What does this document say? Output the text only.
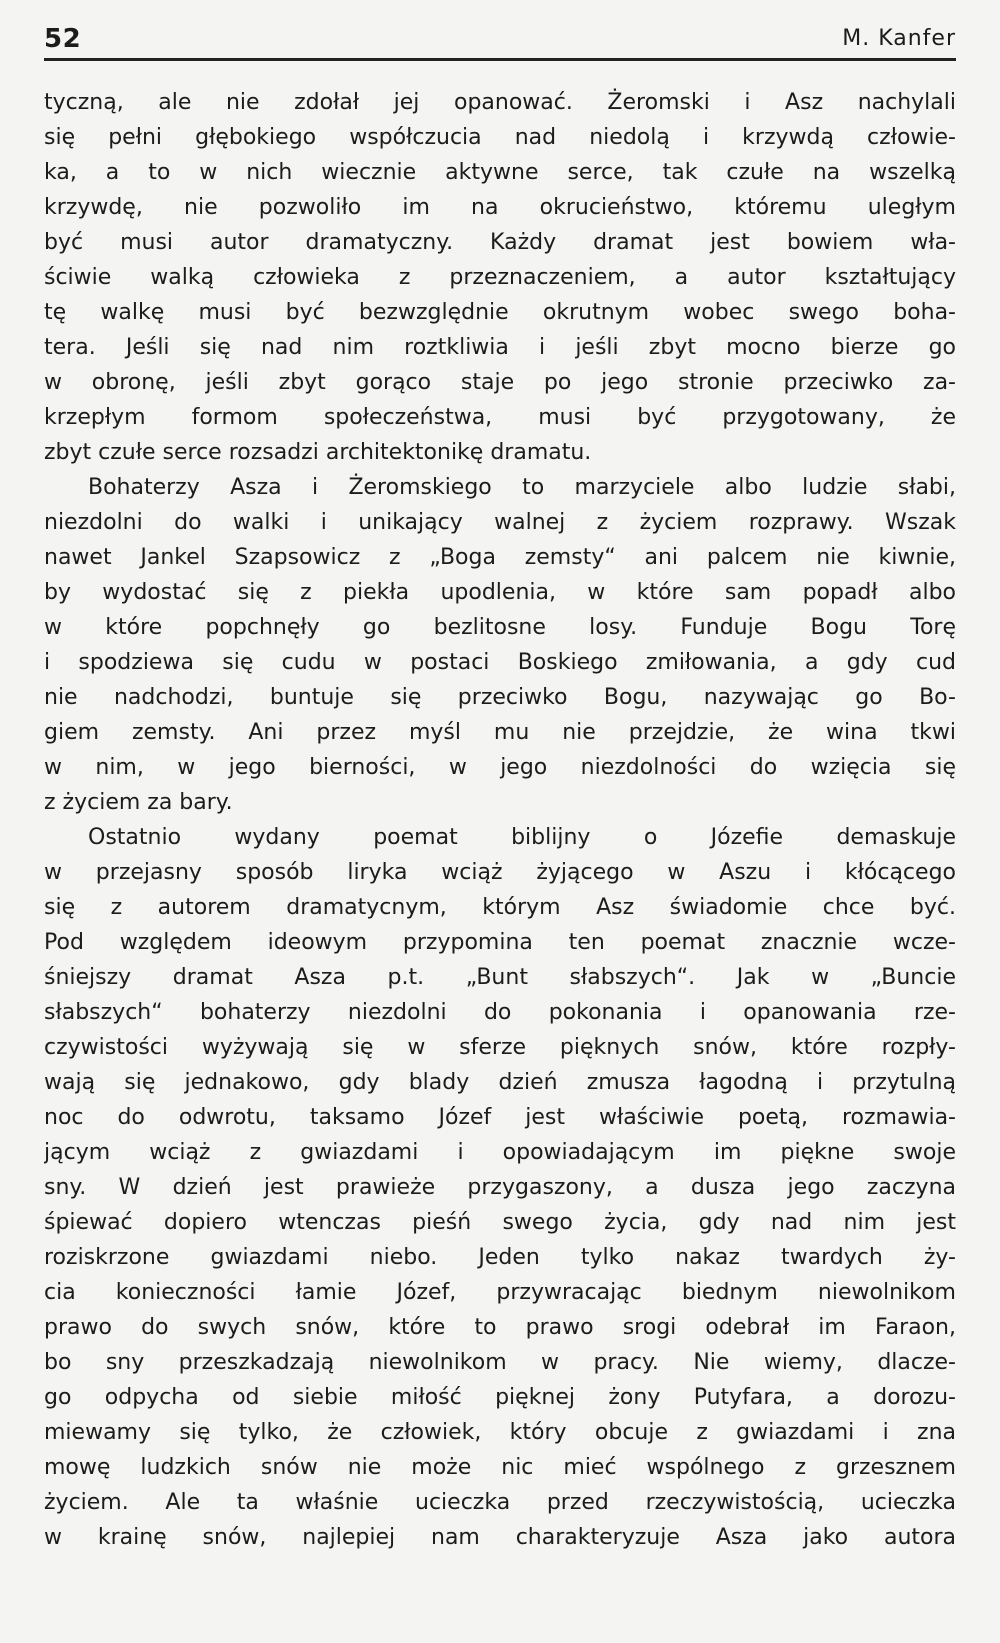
52	M. Kanfer
tyczną, ale nie zdołał jej opanować. Żeromski i Asz nachylali
się pełni głębokiego współczucia nad niedolą i krzywdą człowie-
ka, a to w nich wiecznie aktywne serce, tak czułe na wszelką
krzywdę, nie pozwoliło im na okrucieństwo, któremu uległym
być musi autor dramatyczny. Każdy dramat jest bowiem wła-
ściwie walką człowieka z przeznaczeniem, a autor kształtujący
tę walkę musi być bezwzględnie okrutnym wobec swego boha-
tera. Jeśli się nad nim roztkliwia i jeśli zbyt mocno bierze go
w obronę, jeśli zbyt gorąco staje po jego stronie przeciwko za-
krzepłym formom społeczeństwa, musi być przygotowany, że
zbyt czułe serce rozsadzi architektonikę dramatu.
Bohaterzy Asza i Żeromskiego to marzyciele albo ludzie słabi,
niezdolni do walki i unikający walnej z życiem rozprawy. Wszak
nawet Jankel Szapsowicz z „Boga zemsty“ ani palcem nie kiwnie,
by wydostać się z piekła upodlenia, w które sam popadł albo
w które popchnęły go bezlitosne losy. Funduje Bogu Torę
i spodziewa się cudu w postaci Boskiego zmiłowania, a gdy cud
nie nadchodzi, buntuje się przeciwko Bogu, nazywając go Bo-
giem zemsty. Ani przez myśl mu nie przejdzie, że wina tkwi
w nim, w jego bierności, w jego niezdolności do wzięcia się
z życiem za bary.
Ostatnio wydany poemat biblijny o Józefie demaskuje
w przejasny sposób liryka wciąż żyjącego w Aszu i kłócącego
się z autorem dramatycnym, którym Asz świadomie chce być.
Pod względem ideowym przypomina ten poemat znacznie wcze-
śniejszy dramat Asza p.t. „Bunt słabszych“. Jak w „Buncie
słabszych“ bohaterzy niezdolni do pokonania i opanowania rze-
czywistości wyżywają się w sferze pięknych snów, które rozpły-
wają się jednakowo, gdy blady dzień zmusza łagodną i przytulną
noc do odwrotu, taksamo Józef jest właściwie poetą, rozmawia-
jącym wciąż z gwiazdami i opowiadającym im piękne swoje
sny. W dzień jest prawieże przygaszony, a dusza jego zaczyna
śpiewać dopiero wtenczas pieśń swego życia, gdy nad nim jest
roziskrzone gwiazdami niebo. Jeden tylko nakaz twardych ży-
cia konieczności łamie Józef, przywracając biednym niewolnikom
prawo do swych snów, które to prawo srogi odebrał im Faraon,
bo sny przeszkadzają niewolnikom w pracy. Nie wiemy, dlacze-
go odpycha od siebie miłość pięknej żony Putyfara, a dorozu-
miewamy się tylko, że człowiek, który obcuje z gwiazdami i zna
mowę ludzkich snów nie może nic mieć wspólnego z grzesznem
życiem. Ale ta właśnie ucieczka przed rzeczywistością, ucieczka
w krainę snów, najlepiej nam charakteryzuje Asza jako autora
